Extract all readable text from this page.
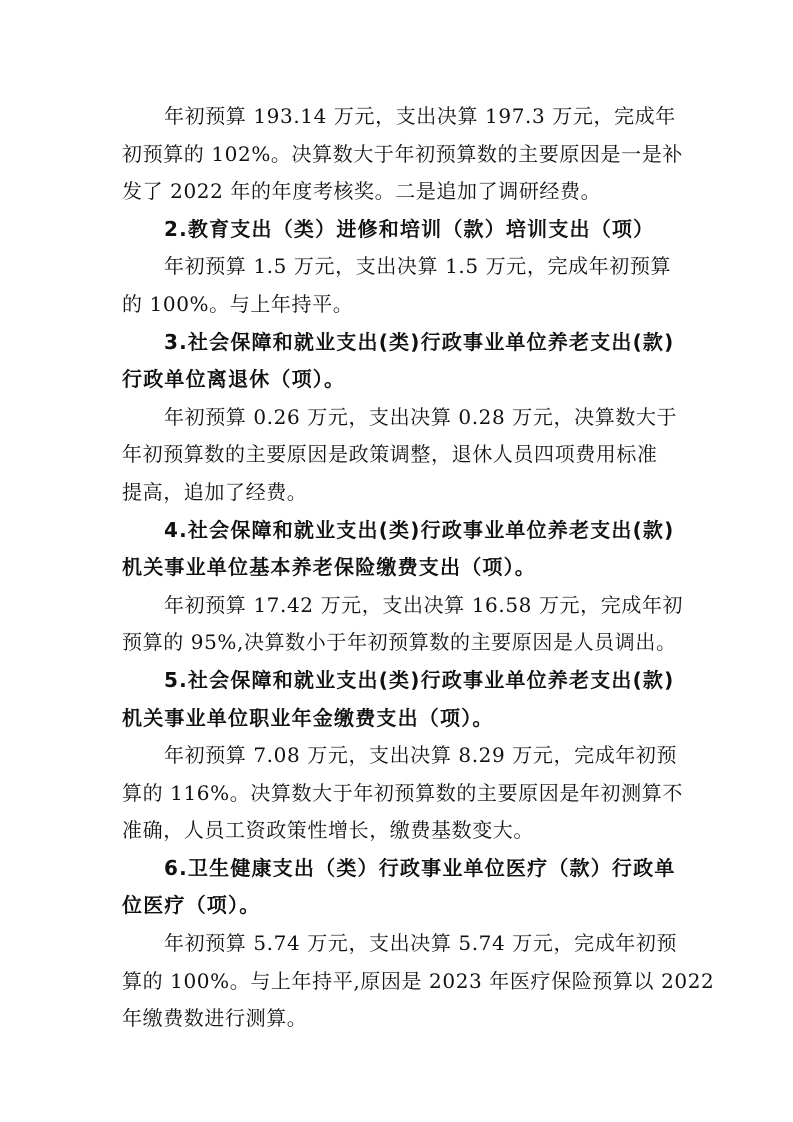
年初预算 193.14 万元，支出决算 197.3 万元，完成年
初预算的 102%。决算数大于年初预算数的主要原因是一是补
发了 2022 年的年度考核奖。二是追加了调研经费。
2.教育支出（类）进修和培训（款）培训支出（项）
年初预算 1.5 万元，支出决算 1.5 万元，完成年初预算
的 100%。与上年持平。
3.社会保障和就业支出(类)行政事业单位养老支出(款)
行政单位离退休（项）。
年初预算 0.26 万元，支出决算 0.28 万元，决算数大于
年初预算数的主要原因是政策调整，退休人员四项费用标准
提高，追加了经费。
4.社会保障和就业支出(类)行政事业单位养老支出(款)
机关事业单位基本养老保险缴费支出（项）。
年初预算 17.42 万元，支出决算 16.58 万元，完成年初
预算的 95%,决算数小于年初预算数的主要原因是人员调出。
5.社会保障和就业支出(类)行政事业单位养老支出(款)
机关事业单位职业年金缴费支出（项）。
年初预算 7.08 万元，支出决算 8.29 万元，完成年初预
算的 116%。决算数大于年初预算数的主要原因是年初测算不
准确，人员工资政策性增长，缴费基数变大。
6.卫生健康支出（类）行政事业单位医疗（款）行政单
位医疗（项）。
年初预算 5.74 万元，支出决算 5.74 万元，完成年初预
算的 100%。与上年持平,原因是 2023 年医疗保险预算以 2022
年缴费数进行测算。
